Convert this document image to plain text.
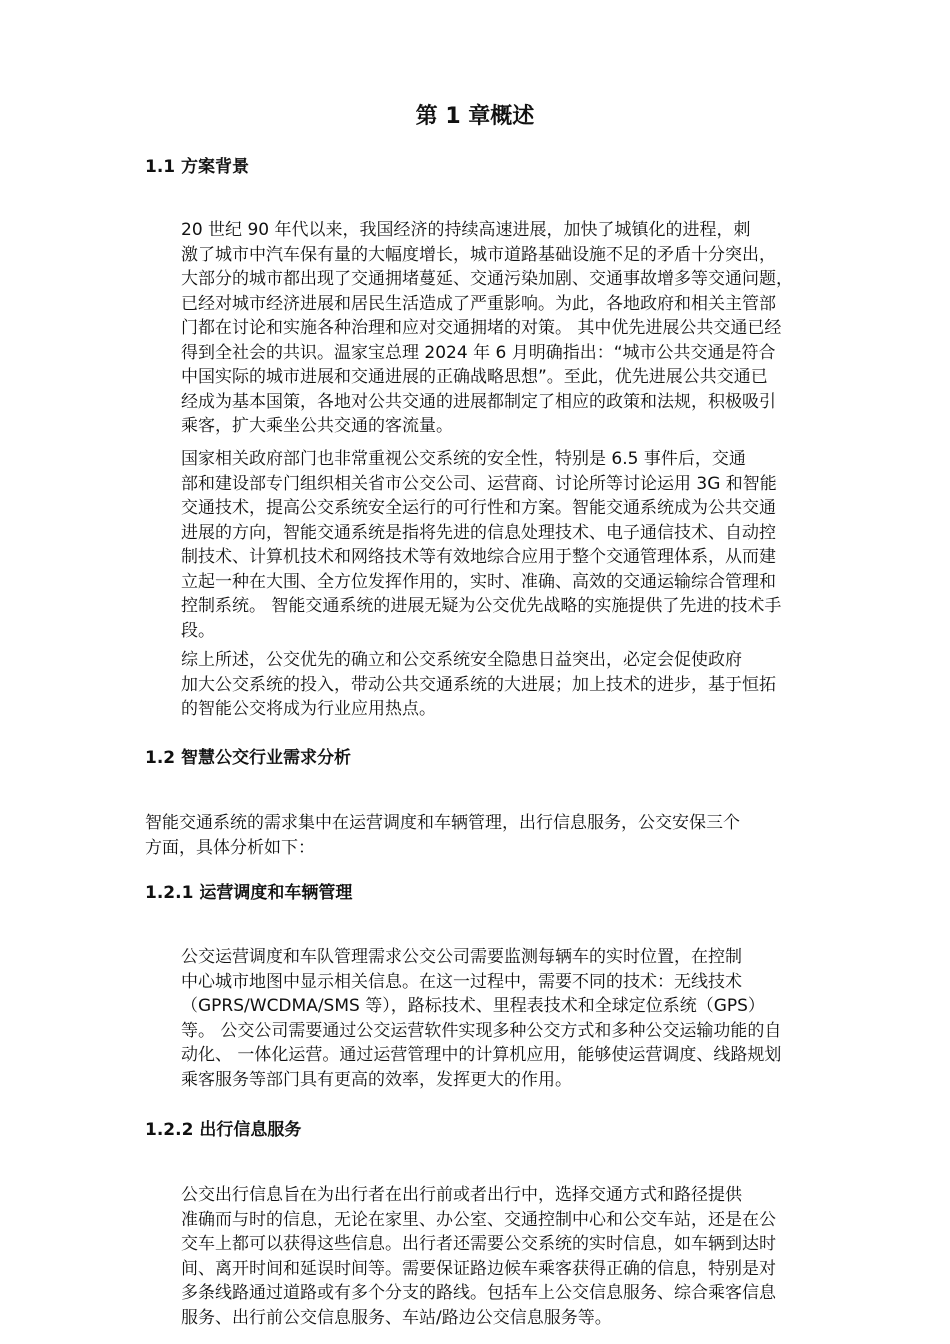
第 1 章概述
1.1 方案背景

20 世纪 90 年代以来，我国经济的持续高速进展，加快了城镇化的进程，刺
激了城市中汽车保有量的大幅度增长，城市道路基础设施不足的矛盾十分突出，
大部分的城市都出现了交通拥堵蔓延、交通污染加剧、交通事故增多等交通问题，
已经对城市经济进展和居民生活造成了严重影响。为此，各地政府和相关主管部
门都在讨论和实施各种治理和应对交通拥堵的对策。 其中优先进展公共交通已经
得到全社会的共识。温家宝总理 2024 年 6 月明确指出：“城市公共交通是符合
中国实际的城市进展和交通进展的正确战略思想”。至此，优先进展公共交通已
经成为基本国策，各地对公共交通的进展都制定了相应的政策和法规，积极吸引
乘客，扩大乘坐公共交通的客流量。

国家相关政府部门也非常重视公交系统的安全性，特别是 6.5 事件后，交通
部和建设部专门组织相关省市公交公司、运营商、讨论所等讨论运用 3G 和智能
交通技术，提高公交系统安全运行的可行性和方案。智能交通系统成为公共交通
进展的方向，智能交通系统是指将先进的信息处理技术、电子通信技术、自动控
制技术、计算机技术和网络技术等有效地综合应用于整个交通管理体系，从而建
立起一种在大围、全方位发挥作用的，实时、准确、高效的交通运输综合管理和
控制系统。 智能交通系统的进展无疑为公交优先战略的实施提供了先进的技术手
段。

综上所述，公交优先的确立和公交系统安全隐患日益突出，必定会促使政府
加大公交系统的投入，带动公共交通系统的大进展；加上技术的进步，基于恒拓
的智能公交将成为行业应用热点。

1.2 智慧公交行业需求分析

智能交通系统的需求集中在运营调度和车辆管理，出行信息服务，公交安保三个
方面，具体分析如下：

1.2.1 运营调度和车辆管理

公交运营调度和车队管理需求公交公司需要监测每辆车的实时位置，在控制
中心城市地图中显示相关信息。在这一过程中，需要不同的技术：无线技术
（GPRS/WCDMA/SMS 等），路标技术、里程表技术和全球定位系统（GPS）
等。 公交公司需要通过公交运营软件实现多种公交方式和多种公交运输功能的自
动化、 一体化运营。通过运营管理中的计算机应用，能够使运营调度、线路规划
乘客服务等部门具有更高的效率，发挥更大的作用。

1.2.2 出行信息服务

公交出行信息旨在为出行者在出行前或者出行中，选择交通方式和路径提供
准确而与时的信息，无论在家里、办公室、交通控制中心和公交车站，还是在公
交车上都可以获得这些信息。出行者还需要公交系统的实时信息，如车辆到达时
间、离开时间和延误时间等。需要保证路边候车乘客获得正确的信息，特别是对
多条线路通过道路或有多个分支的路线。包括车上公交信息服务、综合乘客信息
服务、出行前公交信息服务、车站/路边公交信息服务等。
